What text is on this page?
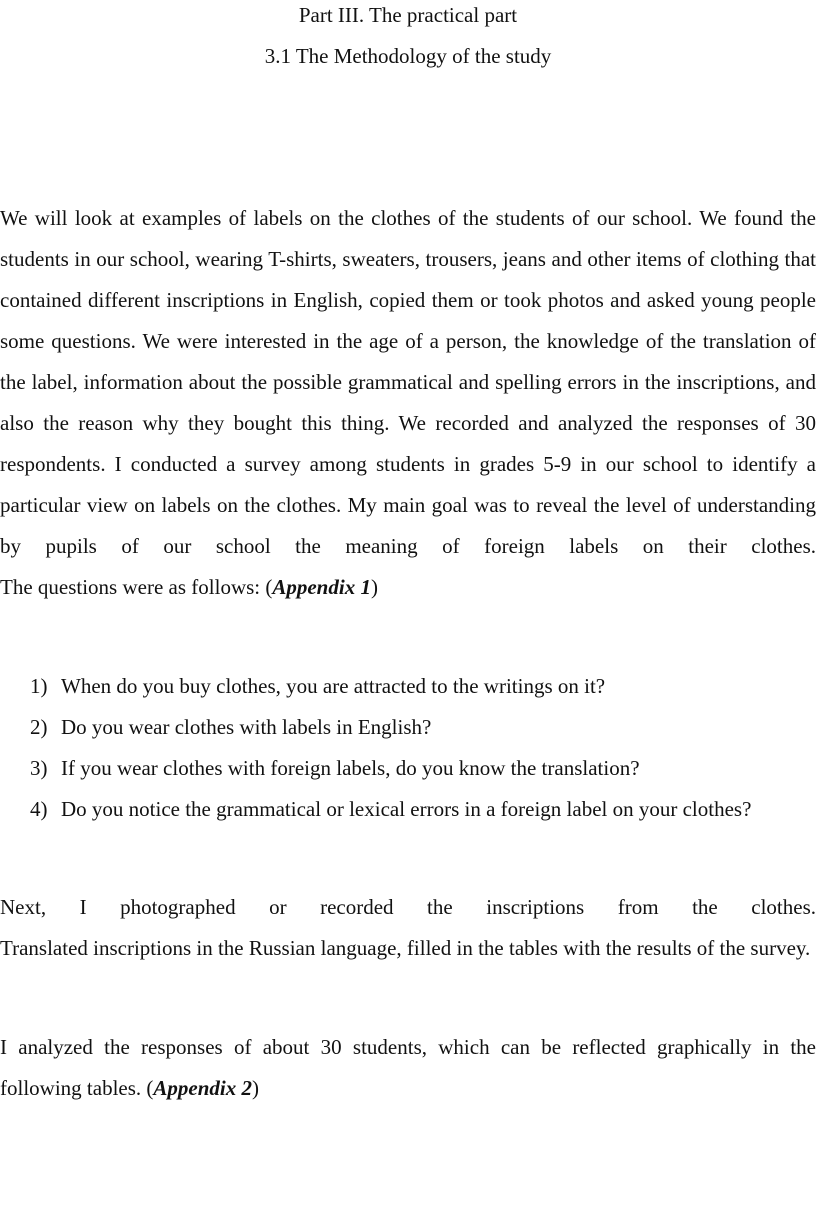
Part III. The practical part
3.1 The Methodology of the study

We will look at examples of labels on the clothes of the students of our school. We found the students in our school, wearing T-shirts, sweaters, trousers, jeans and other items of clothing that contained different inscriptions in English, copied them or took photos and asked young people some questions. We were interested in the age of a person, the knowledge of the translation of the label, information about the possible grammatical and spelling errors in the inscriptions, and also the reason why they bought this thing. We recorded and analyzed the responses of 30 respondents. I conducted a survey among students in grades 5-9 in our school to identify a particular view on labels on the clothes. My main goal was to reveal the level of understanding by pupils of our school the meaning of foreign labels on their clothes.
The questions were as follows: (Appendix 1)

1) When do you buy clothes, you are attracted to the writings on it?
2) Do you wear clothes with labels in English?
3) If you wear clothes with foreign labels, do you know the translation?
4) Do you notice the grammatical or lexical errors in a foreign label on your clothes?

Next, I photographed or recorded the inscriptions from the clothes.
Translated inscriptions in the Russian language, filled in the tables with the results of the survey.

I analyzed the responses of about 30 students, which can be reflected graphically in the following tables. (Appendix 2)
